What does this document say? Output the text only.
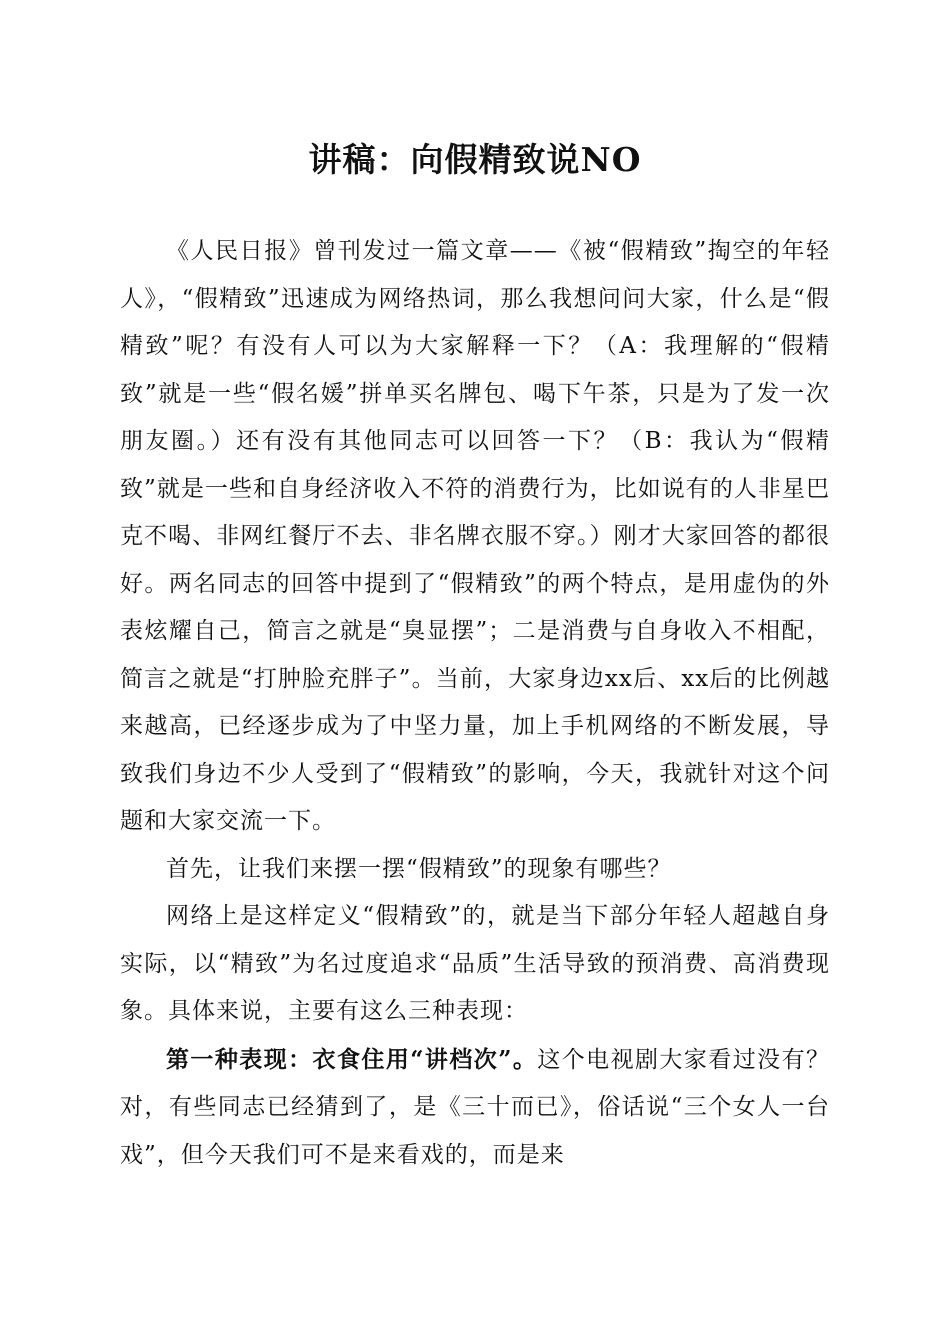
讲稿：向假精致说NO

《人民日报》曾刊发过一篇文章——《被“假精致”掏空的年轻人》，“假精致”迅速成为网络热词，那么我想问问大家，什么是“假精致”呢？有没有人可以为大家解释一下？（A：我理解的“假精致”就是一些“假名媛”拼单买名牌包、喝下午茶，只是为了发一次朋友圈。）还有没有其他同志可以回答一下？（B：我认为“假精致”就是一些和自身经济收入不符的消费行为，比如说有的人非星巴克不喝、非网红餐厅不去、非名牌衣服不穿。）刚才大家回答的都很好。两名同志的回答中提到了“假精致”的两个特点，是用虚伪的外表炫耀自己，简言之就是“臭显摆”；二是消费与自身收入不相配，简言之就是“打肿脸充胖子”。当前，大家身边xx后、xx后的比例越来越高，已经逐步成为了中坚力量，加上手机网络的不断发展，导致我们身边不少人受到了“假精致”的影响，今天，我就针对这个问题和大家交流一下。

首先，让我们来摆一摆“假精致”的现象有哪些？

网络上是这样定义“假精致”的，就是当下部分年轻人超越自身实际，以“精致”为名过度追求“品质”生活导致的预消费、高消费现象。具体来说，主要有这么三种表现：

第一种表现：衣食住用“讲档次”。这个电视剧大家看过没有？对，有些同志已经猜到了，是《三十而已》，俗话说“三个女人一台戏”，但今天我们可不是来看戏的，而是来
